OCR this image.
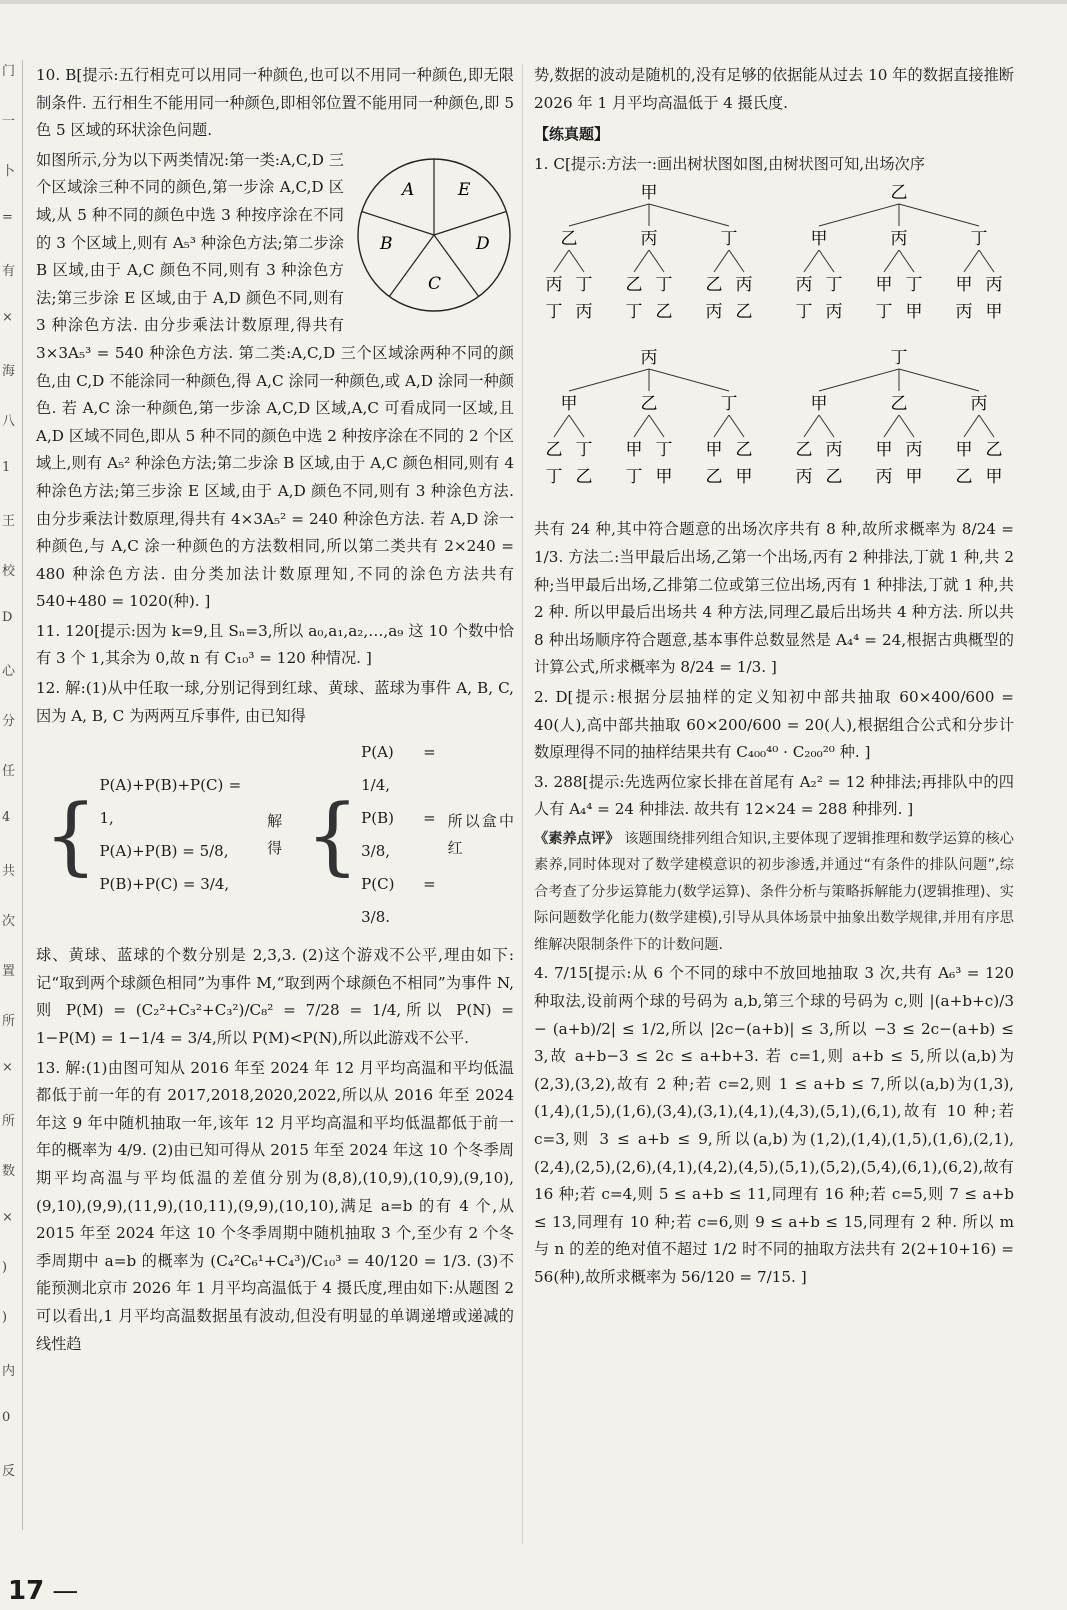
门
一
卜
=
有
×
海
八
1
王
校
D
心
分
任
4
共
次
置
所
×
所
数
×
)
)
内
0
反

10. B[提示:五行相克可以用同一种颜色,也可以不用同一种颜色,即无限制条件. 五行相生不能用同一种颜色,即相邻位置不能用同一种颜色,即 5 色 5 区域的环状涂色问题.

A	E
B	D
C

如图所示,分为以下两类情况:第一类:A,C,D 三个区域涂三种不同的颜色,第一步涂 A,C,D 区域,从 5 种不同的颜色中选 3 种按序涂在不同的 3 个区域上,则有 A₅³ 种涂色方法;第二步涂 B 区域,由于 A,C 颜色不同,则有 3 种涂色方法;第三步涂 E 区域,由于 A,D 颜色不同,则有 3 种涂色方法. 由分步乘法计数原理,得共有 3×3A₅³ = 540 种涂色方法. 第二类:A,C,D 三个区域涂两种不同的颜色,由 C,D 不能涂同一种颜色,得 A,C 涂同一种颜色,或 A,D 涂同一种颜色. 若 A,C 涂一种颜色,第一步涂 A,C,D 区域,A,C 可看成同一区域,且 A,D 区域不同色,即从 5 种不同的颜色中选 2 种按序涂在不同的 2 个区域上,则有 A₅² 种涂色方法;第二步涂 B 区域,由于 A,C 颜色相同,则有 4 种涂色方法;第三步涂 E 区域,由于 A,D 颜色不同,则有 3 种涂色方法. 由分步乘法计数原理,得共有 4×3A₅² = 240 种涂色方法. 若 A,D 涂一种颜色,与 A,C 涂一种颜色的方法数相同,所以第二类共有 2×240 = 480 种涂色方法. 由分类加法计数原理知,不同的涂色方法共有 540+480 = 1020(种). ]

11. 120[提示:因为 k=9,且 Sₙ=3,所以 a₀,a₁,a₂,…,a₉ 这 10 个数中恰有 3 个 1,其余为 0,故 n 有 C₁₀³ = 120 种情况. ]

12. 解:(1)从中任取一球,分别记得到红球、黄球、蓝球为事件 A, B, C, 因为 A, B, C 为两两互斥事件, 由已知得

{
P(A)+P(B)+P(C) = 1,
P(A)+P(B) = 5/8,
P(B)+P(C) = 3/4,
解得 {
P(A) = 1/4,
P(B) = 3/8,
P(C) = 3/8.
所以盒中红

球、黄球、蓝球的个数分别是 2,3,3. (2)这个游戏不公平,理由如下:记“取到两个球颜色相同”为事件 M,“取到两个球颜色不相同”为事件 N,则 P(M) = (C₂²+C₃²+C₃²)/C₈² = 7/28 = 1/4,所以 P(N) = 1−P(M) = 1−1/4 = 3/4,所以 P(M)<P(N),所以此游戏不公平.

13. 解:(1)由图可知从 2016 年至 2024 年 12 月平均高温和平均低温都低于前一年的有 2017,2018,2020,2022,所以从 2016 年至 2024 年这 9 年中随机抽取一年,该年 12 月平均高温和平均低温都低于前一年的概率为 4/9. (2)由已知可得从 2015 年至 2024 年这 10 个冬季周期平均高温与平均低温的差值分别为(8,8),(10,9),(10,9),(9,10),(9,10),(9,9),(11,9),(10,11),(9,9),(10,10),满足 a=b 的有 4 个,从 2015 年至 2024 年这 10 个冬季周期中随机抽取 3 个,至少有 2 个冬季周期中 a=b 的概率为 (C₄²C₆¹+C₄³)/C₁₀³ = 40/120 = 1/3. (3)不能预测北京市 2026 年 1 月平均高温低于 4 摄氏度,理由如下:从题图 2 可以看出,1 月平均高温数据虽有波动,但没有明显的单调递增或递减的线性趋

势,数据的波动是随机的,没有足够的依据能从过去 10 年的数据直接推断 2026 年 1 月平均高温低于 4 摄氏度.

【练真题】

1. C[提示:方法一:画出树状图如图,由树状图可知,出场次序

甲
乙
丙
丁
丁
丙
丙
乙
丁
丁
乙
丁
乙
丙
丙
乙
乙
甲
丙
丁
丁
丙
丙
甲
丁
丁
甲
丁
甲
丙
丙
甲
丙
甲
乙
丁
丁
乙
乙
甲
丁
丁
甲
丁
甲
乙
乙
甲
丁
甲
乙
丙
丙
乙
乙
甲
丙
丙
甲
丙
甲
乙
乙
甲

共有 24 种,其中符合题意的出场次序共有 8 种,故所求概率为 8/24 = 1/3. 方法二:当甲最后出场,乙第一个出场,丙有 2 种排法,丁就 1 种,共 2 种;当甲最后出场,乙排第二位或第三位出场,丙有 1 种排法,丁就 1 种,共 2 种. 所以甲最后出场共 4 种方法,同理乙最后出场共 4 种方法. 所以共 8 种出场顺序符合题意,基本事件总数显然是 A₄⁴ = 24,根据古典概型的计算公式,所求概率为 8/24 = 1/3. ]

2. D[提示:根据分层抽样的定义知初中部共抽取 60×400/600 = 40(人),高中部共抽取 60×200/600 = 20(人),根据组合公式和分步计数原理得不同的抽样结果共有 C₄₀₀⁴⁰ · C₂₀₀²⁰ 种. ]

3. 288[提示:先选两位家长排在首尾有 A₂² = 12 种排法;再排队中的四人有 A₄⁴ = 24 种排法. 故共有 12×24 = 288 种排列. ]

《素养点评》 该题围绕排列组合知识,主要体现了逻辑推理和数学运算的核心素养,同时体现对了数学建模意识的初步渗透,并通过“有条件的排队问题”,综合考查了分步运算能力(数学运算)、条件分析与策略拆解能力(逻辑推理)、实际问题数学化能力(数学建模),引导从具体场景中抽象出数学规律,并用有序思维解决限制条件下的计数问题.

4. 7/15[提示:从 6 个不同的球中不放回地抽取 3 次,共有 A₆³ = 120 种取法,设前两个球的号码为 a,b,第三个球的号码为 c,则 |(a+b+c)/3 − (a+b)/2| ≤ 1/2,所以 |2c−(a+b)| ≤ 3,所以 −3 ≤ 2c−(a+b) ≤ 3,故 a+b−3 ≤ 2c ≤ a+b+3. 若 c=1,则 a+b ≤ 5,所以(a,b)为(2,3),(3,2),故有 2 种;若 c=2,则 1 ≤ a+b ≤ 7,所以(a,b)为(1,3),(1,4),(1,5),(1,6),(3,4),(3,1),(4,1),(4,3),(5,1),(6,1),故有 10 种;若 c=3,则 3 ≤ a+b ≤ 9,所以(a,b)为(1,2),(1,4),(1,5),(1,6),(2,1),(2,4),(2,5),(2,6),(4,1),(4,2),(4,5),(5,1),(5,2),(5,4),(6,1),(6,2),故有 16 种;若 c=4,则 5 ≤ a+b ≤ 11,同理有 16 种;若 c=5,则 7 ≤ a+b ≤ 13,同理有 10 种;若 c=6,则 9 ≤ a+b ≤ 15,同理有 2 种. 所以 m 与 n 的差的绝对值不超过 1/2 时不同的抽取方法共有 2(2+10+16) = 56(种),故所求概率为 56/120 = 7/15. ]

17 —
